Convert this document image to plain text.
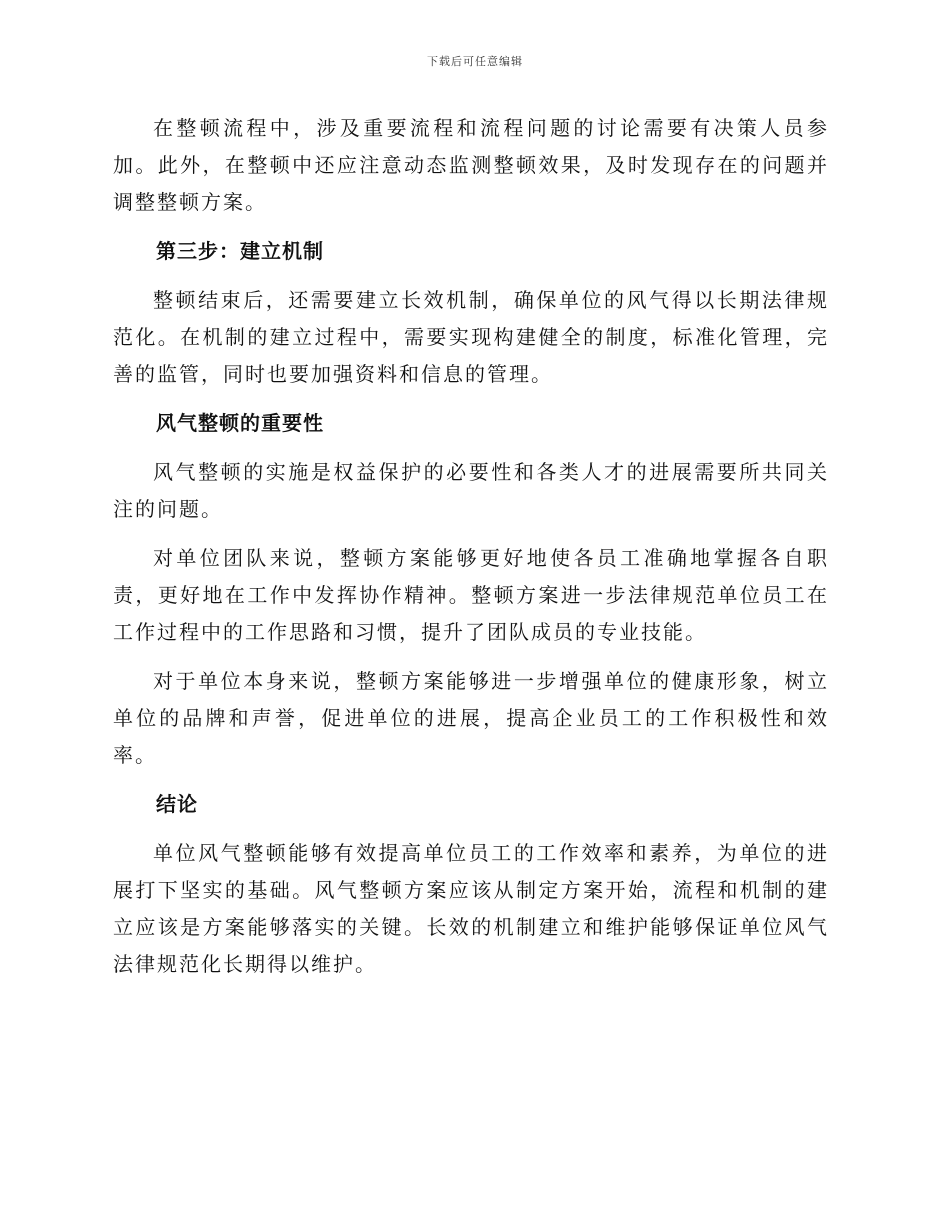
下载后可任意编辑

在整顿流程中，涉及重要流程和流程问题的讨论需要有决策人员参加。此外，在整顿中还应注意动态监测整顿效果，及时发现存在的问题并调整整顿方案。

第三步：建立机制

整顿结束后，还需要建立长效机制，确保单位的风气得以长期法律规范化。在机制的建立过程中，需要实现构建健全的制度，标准化管理，完善的监管，同时也要加强资料和信息的管理。

风气整顿的重要性

风气整顿的实施是权益保护的必要性和各类人才的进展需要所共同关注的问题。

对单位团队来说，整顿方案能够更好地使各员工准确地掌握各自职责，更好地在工作中发挥协作精神。整顿方案进一步法律规范单位员工在工作过程中的工作思路和习惯，提升了团队成员的专业技能。

对于单位本身来说，整顿方案能够进一步增强单位的健康形象，树立单位的品牌和声誉，促进单位的进展，提高企业员工的工作积极性和效率。

结论

单位风气整顿能够有效提高单位员工的工作效率和素养，为单位的进展打下坚实的基础。风气整顿方案应该从制定方案开始，流程和机制的建立应该是方案能够落实的关键。长效的机制建立和维护能够保证单位风气法律规范化长期得以维护。
